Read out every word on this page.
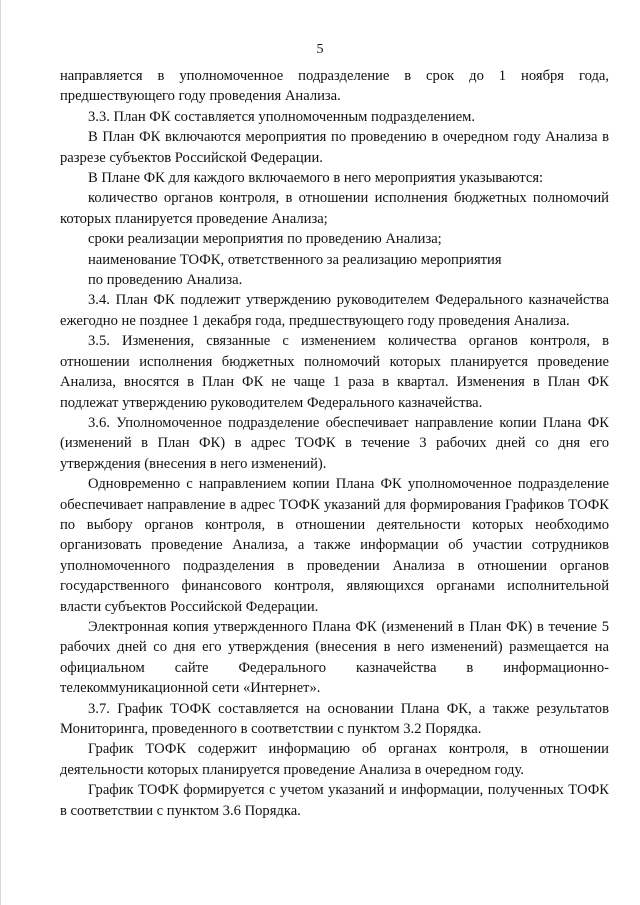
5

направляется в уполномоченное подразделение в срок до 1 ноября года, предшествующего году проведения Анализа.

3.3. План ФК составляется уполномоченным подразделением.

В План ФК включаются мероприятия по проведению в очередном году Анализа в разрезе субъектов Российской Федерации.

В Плане ФК для каждого включаемого в него мероприятия указываются:

количество органов контроля, в отношении исполнения бюджетных полномочий которых планируется проведение Анализа;

сроки реализации мероприятия по проведению Анализа;

наименование ТОФК, ответственного за реализацию мероприятия

по проведению Анализа.

3.4. План ФК подлежит утверждению руководителем Федерального казначейства ежегодно не позднее 1 декабря года, предшествующего году проведения Анализа.

3.5. Изменения, связанные с изменением количества органов контроля, в отношении исполнения бюджетных полномочий которых планируется проведение Анализа, вносятся в План ФК не чаще 1 раза в квартал. Изменения в План ФК подлежат утверждению руководителем Федерального казначейства.

3.6. Уполномоченное подразделение обеспечивает направление копии Плана ФК (изменений в План ФК) в адрес ТОФК в течение 3 рабочих дней со дня его утверждения (внесения в него изменений).

Одновременно с направлением копии Плана ФК уполномоченное подразделение обеспечивает направление в адрес ТОФК указаний для формирования Графиков ТОФК по выбору органов контроля, в отношении деятельности которых необходимо организовать проведение Анализа, а также информации об участии сотрудников уполномоченного подразделения в проведении Анализа в отношении органов государственного финансового контроля, являющихся органами исполнительной власти субъектов Российской Федерации.

Электронная копия утвержденного Плана ФК (изменений в План ФК) в течение 5 рабочих дней со дня его утверждения (внесения в него изменений) размещается на официальном сайте Федерального казначейства в информационно-телекоммуникационной сети «Интернет».

3.7. График ТОФК составляется на основании Плана ФК, а также результатов Мониторинга, проведенного в соответствии с пунктом 3.2 Порядка.

График ТОФК содержит информацию об органах контроля, в отношении деятельности которых планируется проведение Анализа в очередном году.

График ТОФК формируется с учетом указаний и информации, полученных ТОФК в соответствии с пунктом 3.6 Порядка.
